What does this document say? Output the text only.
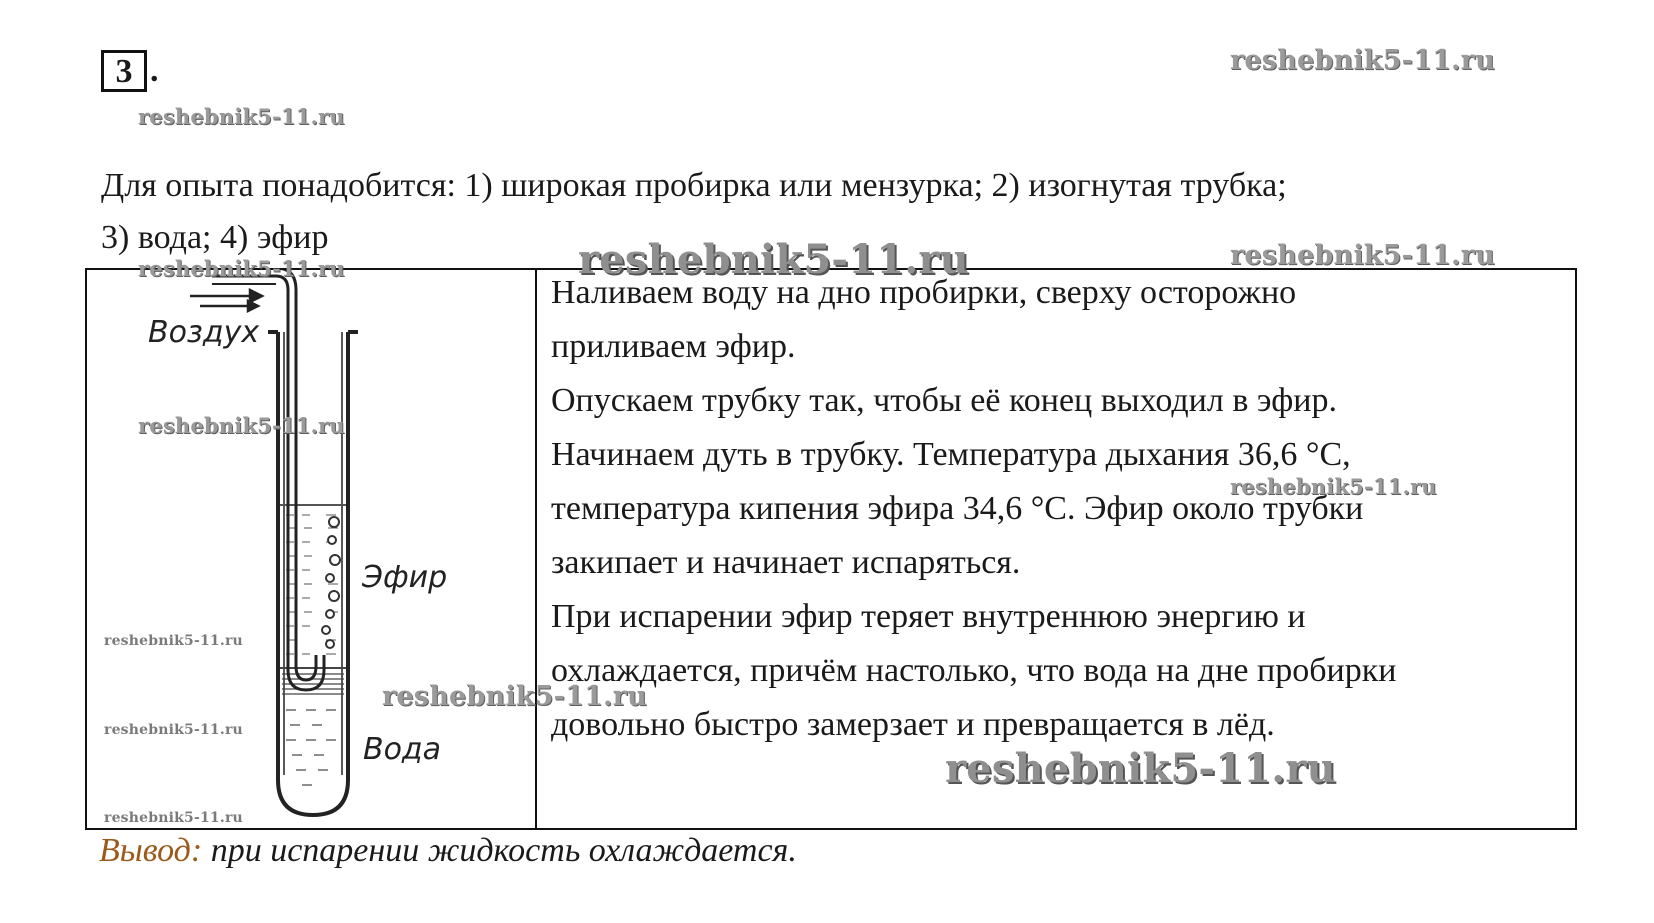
3 .
Для опыта понадобится: 1) широкая пробирка или мензурка; 2) изогнутая трубка;
3) вода; 4) эфир
Воздух
Эфир
Вода

Наливаем воду на дно пробирки, сверху осторожно

приливаем эфир.

Опускаем трубку так, чтобы её конец выходил в эфир.

Начинаем дуть в трубку. Температура дыхания 36,6 °С,

температура кипения эфира 34,6 °С. Эфир около трубки

закипает и начинает испаряться.

При испарении эфир теряет внутреннюю энергию и

охлаждается, причём настолько, что вода на дне пробирки

довольно быстро замерзает и превращается в лёд.

Вывод: при испарении жидкость охлаждается.
reshebnik5-11.ru
reshebnik5-11.ru
reshebnik5-11.ru	reshebnik5-11.ru
reshebnik5-11.ru
reshebnik5-11.ru
reshebnik5-11.ru
reshebnik5-11.ru
reshebnik5-11.ru
reshebnik5-11.ru
reshebnik5-11.ru
reshebnik5-11.ru
